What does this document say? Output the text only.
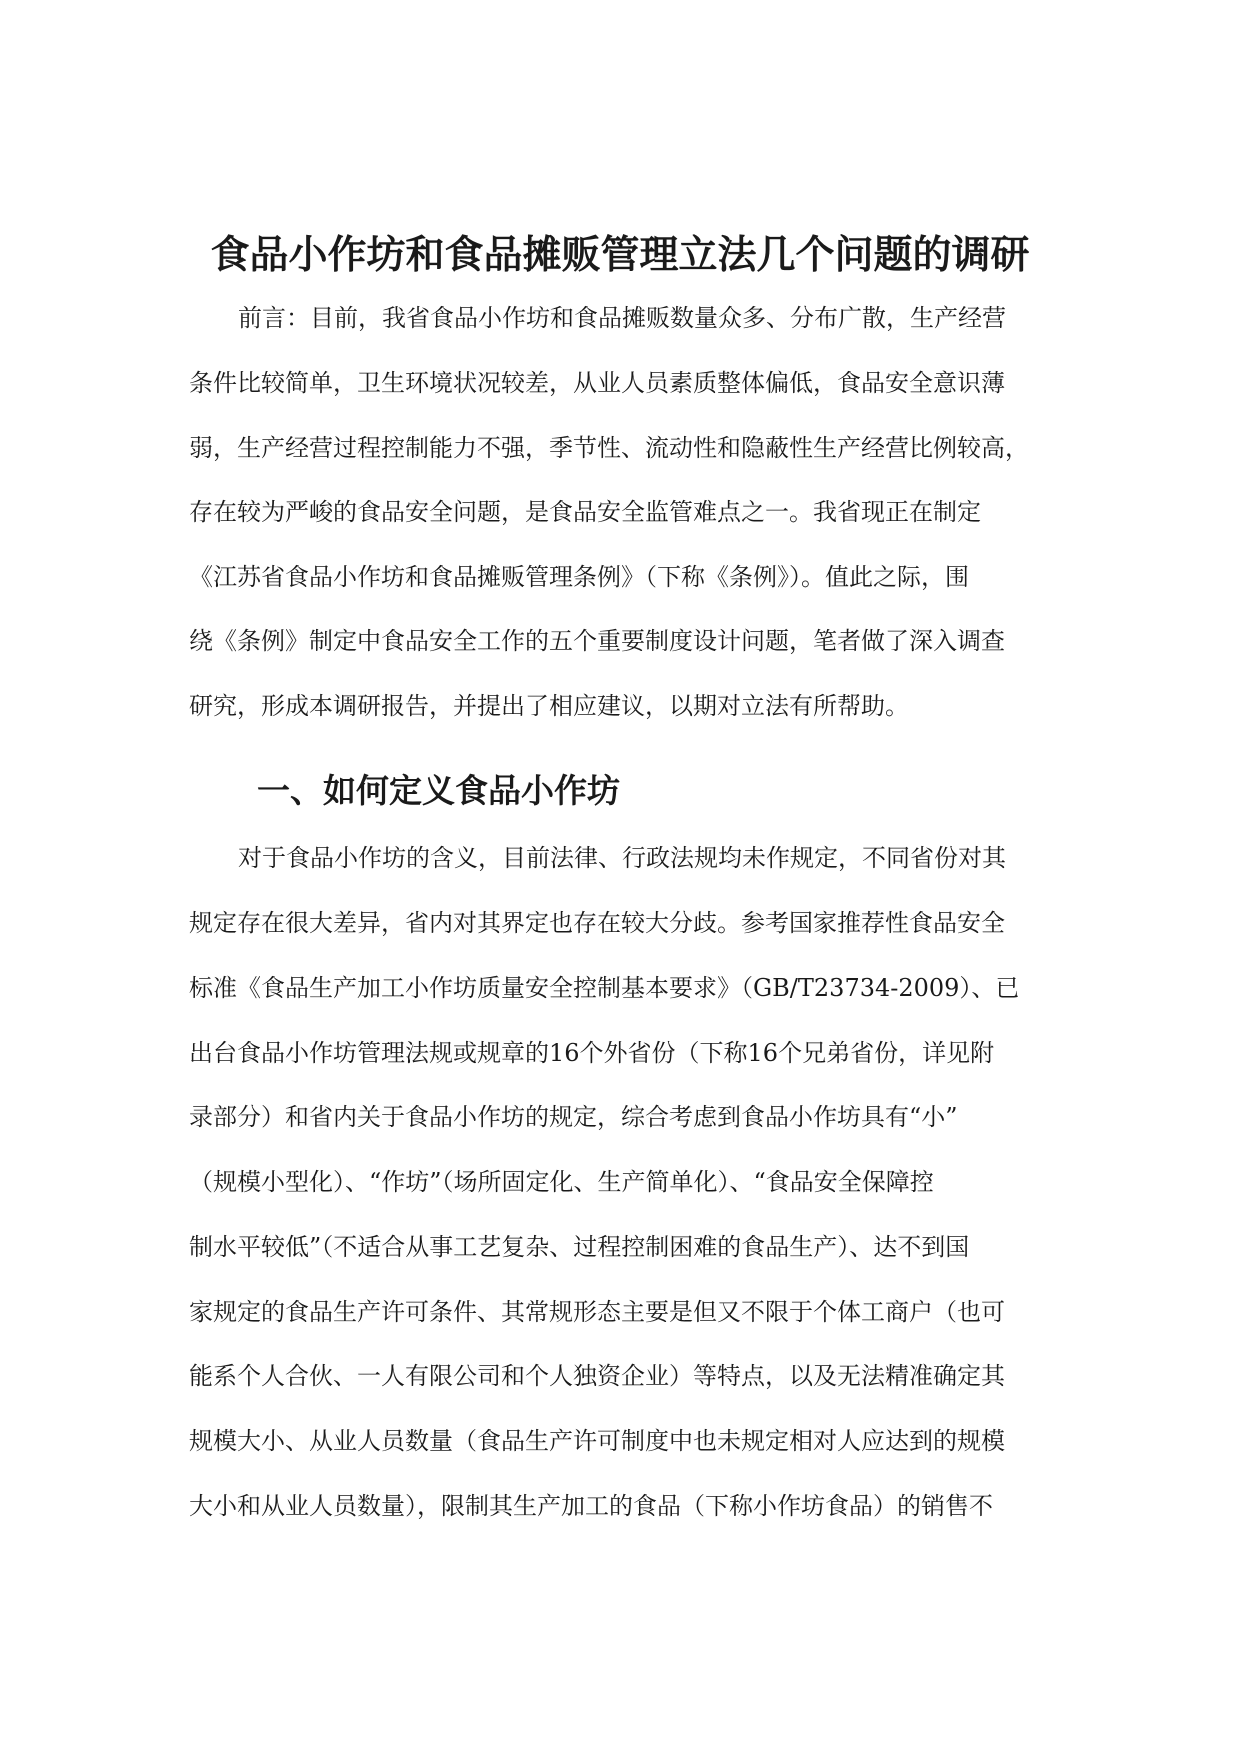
食品小作坊和食品摊贩管理立法几个问题的调研

前言：目前，我省食品小作坊和食品摊贩数量众多、分布广散，生产经营

条件比较简单，卫生环境状况较差，从业人员素质整体偏低，食品安全意识薄

弱，生产经营过程控制能力不强，季节性、流动性和隐蔽性生产经营比例较高，

存在较为严峻的食品安全问题，是食品安全监管难点之一。我省现正在制定

《江苏省食品小作坊和食品摊贩管理条例》（下称《条例》）。值此之际，围

绕《条例》制定中食品安全工作的五个重要制度设计问题，笔者做了深入调查

研究，形成本调研报告，并提出了相应建议，以期对立法有所帮助。

一、如何定义食品小作坊

对于食品小作坊的含义，目前法律、行政法规均未作规定，不同省份对其

规定存在很大差异，省内对其界定也存在较大分歧。参考国家推荐性食品安全

标准《食品生产加工小作坊质量安全控制基本要求》（GB/T23734-2009）、已

出台食品小作坊管理法规或规章的16个外省份（下称16个兄弟省份，详见附

录部分）和省内关于食品小作坊的规定，综合考虑到食品小作坊具有“小”

（规模小型化）、“作坊”（场所固定化、生产简单化）、“食品安全保障控

制水平较低”（不适合从事工艺复杂、过程控制困难的食品生产）、达不到国

家规定的食品生产许可条件、其常规形态主要是但又不限于个体工商户（也可

能系个人合伙、一人有限公司和个人独资企业）等特点，以及无法精准确定其

规模大小、从业人员数量（食品生产许可制度中也未规定相对人应达到的规模

大小和从业人员数量），限制其生产加工的食品（下称小作坊食品）的销售不
